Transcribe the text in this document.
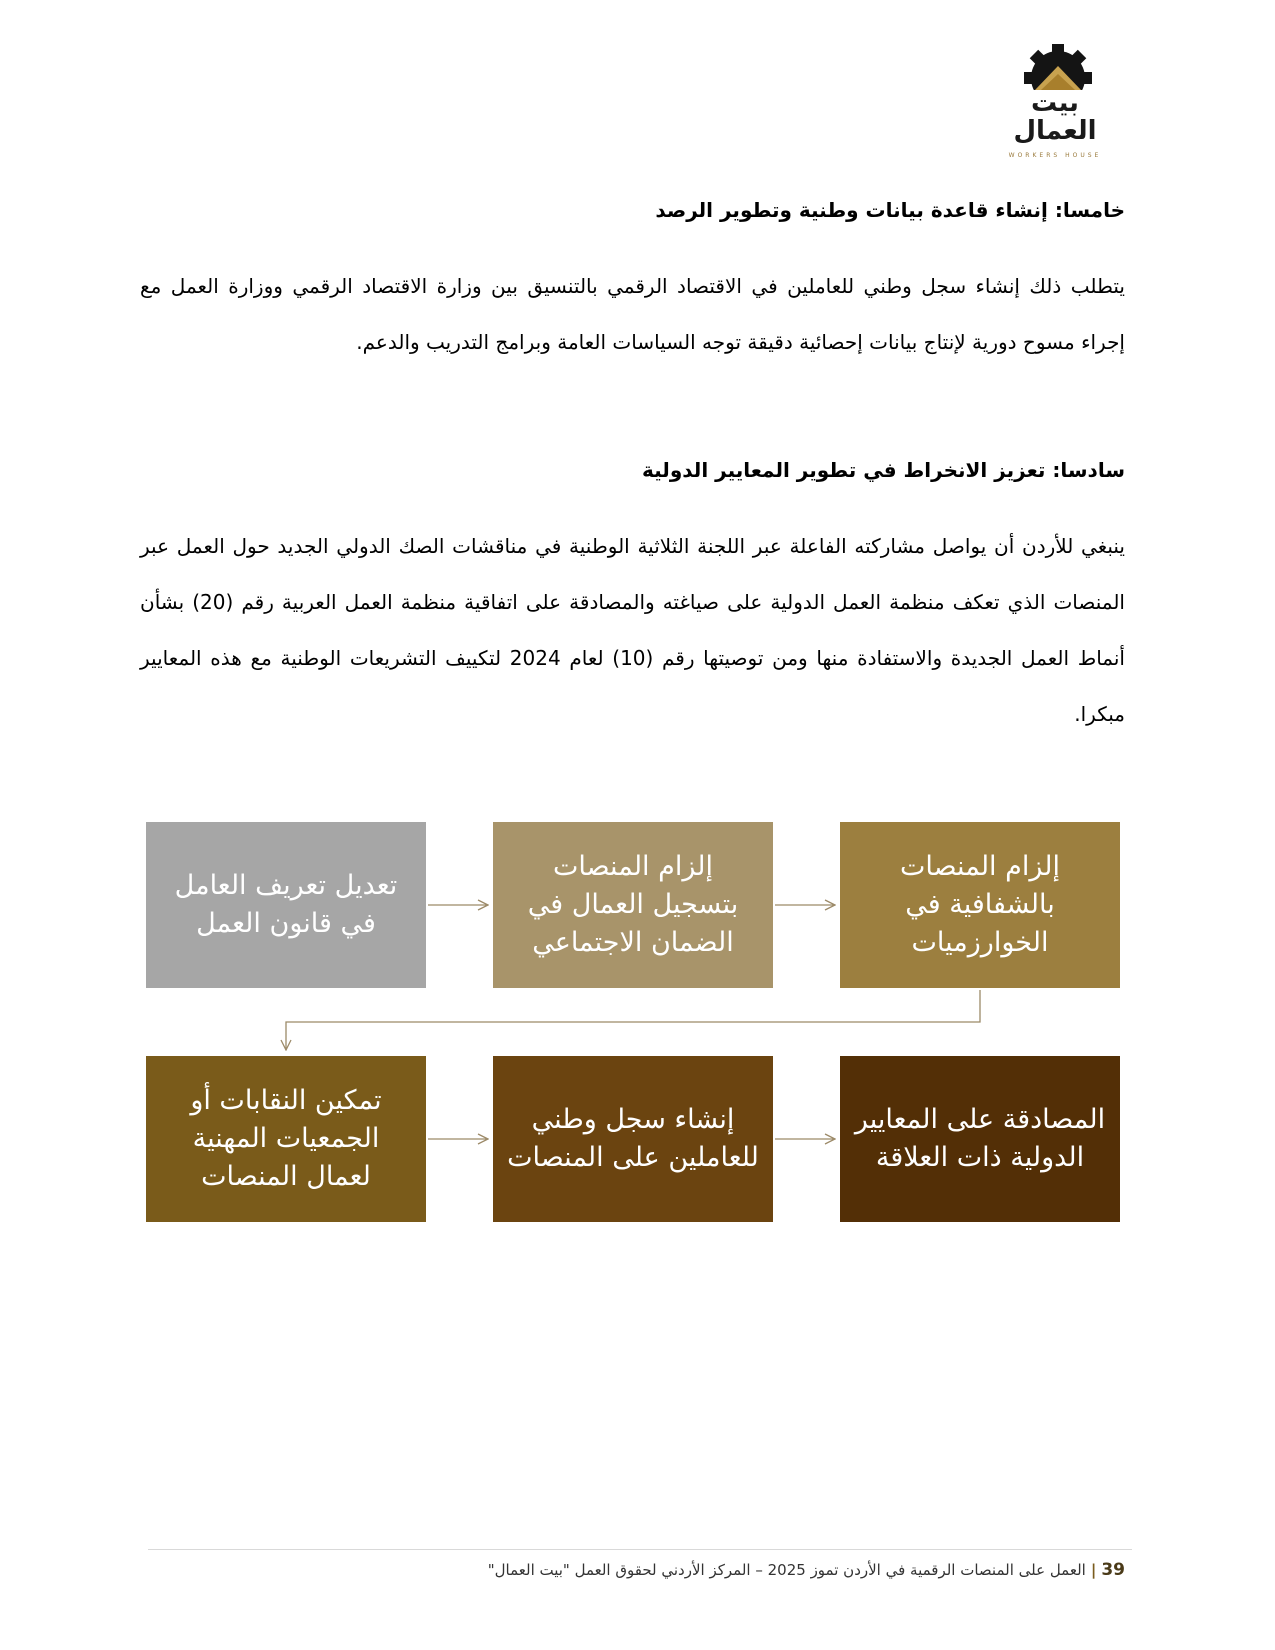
بيت
العمال
WORKERS HOUSE
خامسا: إنشاء قاعدة بيانات وطنية وتطوير الرصد
يتطلب ذلك إنشاء سجل وطني للعاملين في الاقتصاد الرقمي بالتنسيق بين وزارة الاقتصاد الرقمي ووزارة العمل مع إجراء مسوح دورية لإنتاج بيانات إحصائية دقيقة توجه السياسات العامة وبرامج التدريب والدعم.
سادسا: تعزيز الانخراط في تطوير المعايير الدولية
ينبغي للأردن أن يواصل مشاركته الفاعلة عبر اللجنة الثلاثية الوطنية في مناقشات الصك الدولي الجديد حول العمل عبر المنصات الذي تعكف منظمة العمل الدولية على صياغته والمصادقة على اتفاقية منظمة العمل العربية رقم (20) بشأن أنماط العمل الجديدة والاستفادة منها ومن توصيتها رقم (10) لعام 2024 لتكييف التشريعات الوطنية مع هذه المعايير مبكرا.
تعديل تعريف العامل في قانون العمل
إلزام المنصات بتسجيل العمال في الضمان الاجتماعي
إلزام المنصات بالشفافية في الخوارزميات
تمكين النقابات أو الجمعيات المهنية لعمال المنصات
إنشاء سجل وطني للعاملين على المنصات
المصادقة على المعايير الدولية ذات العلاقة
39|العمل على المنصات الرقمية في الأردن تموز 2025 – المركز الأردني لحقوق العمل "بيت العمال"
